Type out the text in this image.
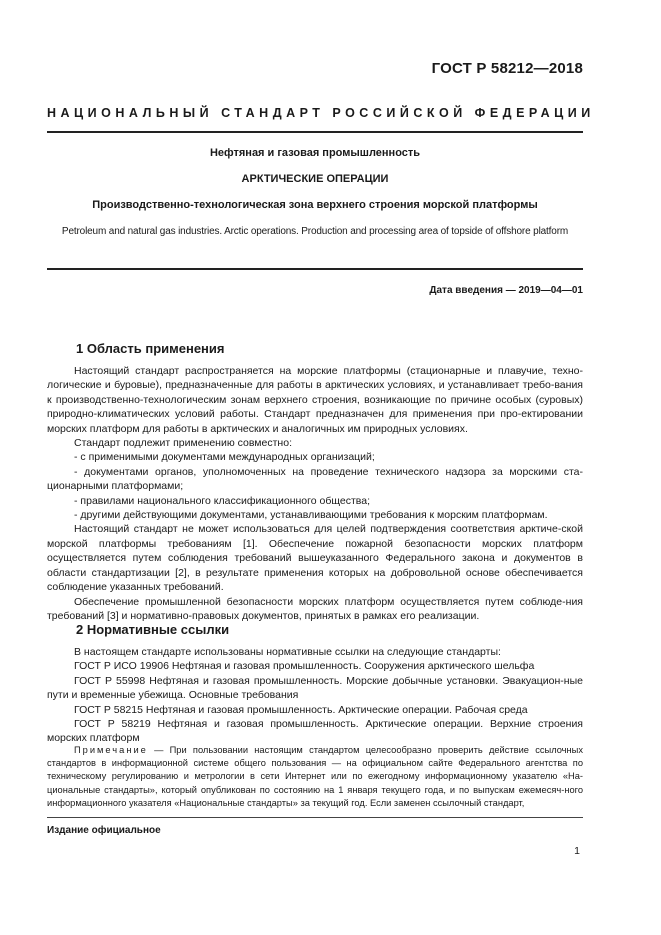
ГОСТ Р 58212—2018
НАЦИОНАЛЬНЫЙ СТАНДАРТ РОССИЙСКОЙ ФЕДЕРАЦИИ
Нефтяная и газовая промышленность
АРКТИЧЕСКИЕ ОПЕРАЦИИ
Производственно-технологическая зона верхнего строения морской платформы
Petroleum and natural gas industries. Arctic operations. Production and processing area of topside of offshore platform
Дата введения — 2019—04—01
1 Область применения

Настоящий стандарт распространяется на морские платформы (стационарные и плавучие, техно-логические и буровые), предназначенные для работы в арктических условиях, и устанавливает требо-вания к производственно-технологическим зонам верхнего строения, возникающие по причине особых (суровых) природно-климатических условий работы. Стандарт предназначен для применения при про-ектировании морских платформ для работы в арктических и аналогичных им природных условиях.

Стандарт подлежит применению совместно:

- с применимыми документами международных организаций;

- документами органов, уполномоченных на проведение технического надзора за морскими ста-ционарными платформами;

- правилами национального классификационного общества;

- другими действующими документами, устанавливающими требования к морским платформам.

Настоящий стандарт не может использоваться для целей подтверждения соответствия арктиче-ской морской платформы требованиям [1]. Обеспечение пожарной безопасности морских платформ осуществляется путем соблюдения требований вышеуказанного Федерального закона и документов в области стандартизации [2], в результате применения которых на добровольной основе обеспечивается соблюдение указанных требований.

Обеспечение промышленной безопасности морских платформ осуществляется путем соблюде-ния требований [3] и нормативно-правовых документов, принятых в рамках его реализации.

2 Нормативные ссылки

В настоящем стандарте использованы нормативные ссылки на следующие стандарты:

ГОСТ Р ИСО 19906 Нефтяная и газовая промышленность. Сооружения арктического шельфа

ГОСТ Р 55998 Нефтяная и газовая промышленность. Морские добычные установки. Эвакуацион-ные пути и временные убежища. Основные требования

ГОСТ Р 58215 Нефтяная и газовая промышленность. Арктические операции. Рабочая среда

ГОСТ Р 58219 Нефтяная и газовая промышленность. Арктические операции. Верхние строения морских платформ

Примечание — При пользовании настоящим стандартом целесообразно проверить действие ссылочных стандартов в информационной системе общего пользования — на официальном сайте Федерального агентства по техническому регулированию и метрологии в сети Интернет или по ежегодному информационному указателю «На-циональные стандарты», который опубликован по состоянию на 1 января текущего года, и по выпускам ежемесяч-ного информационного указателя «Национальные стандарты» за текущий год. Если заменен ссылочный стандарт,

Издание официальное
1
